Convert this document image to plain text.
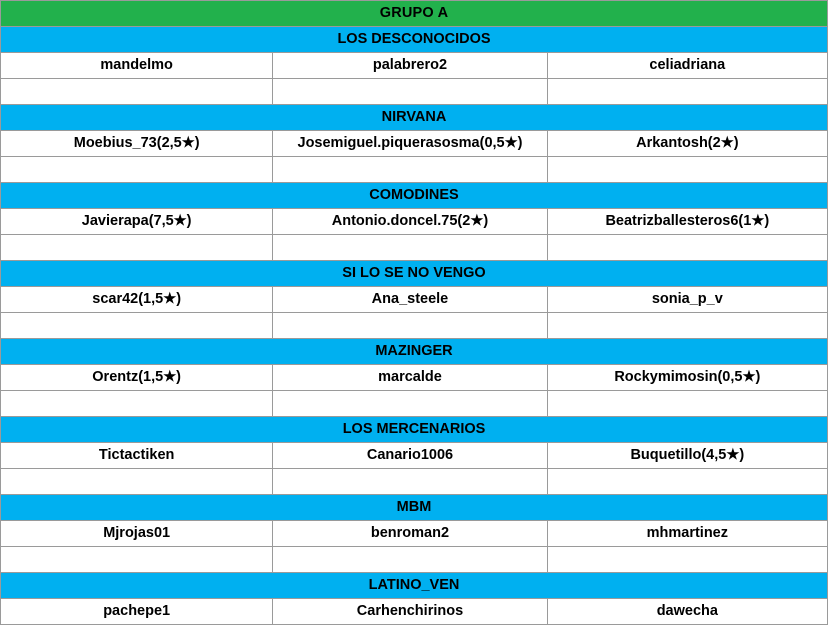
GRUPO A		

LOS DESCONOCIDOS		

mandelmo	palabrero2	celiadriana

NIRVANA		

Moebius_73(2,5★)	Josemiguel.piquerasosma(0,5★)	Arkantosh(2★)

COMODINES		

Javierapa(7,5★)	Antonio.doncel.75(2★)	Beatrizballesteros6(1★)

SI LO SE NO VENGO		

scar42(1,5★)	Ana_steele	sonia_p_v

MAZINGER		

Orentz(1,5★)	marcalde	Rockymimosin(0,5★)

LOS MERCENARIOS		

Tictactiken	Canario1006	Buquetillo(4,5★)

MBM		

Mjrojas01	benroman2	mhmartinez

LATINO_VEN		

pachepe1	Carhenchirinos	dawecha
